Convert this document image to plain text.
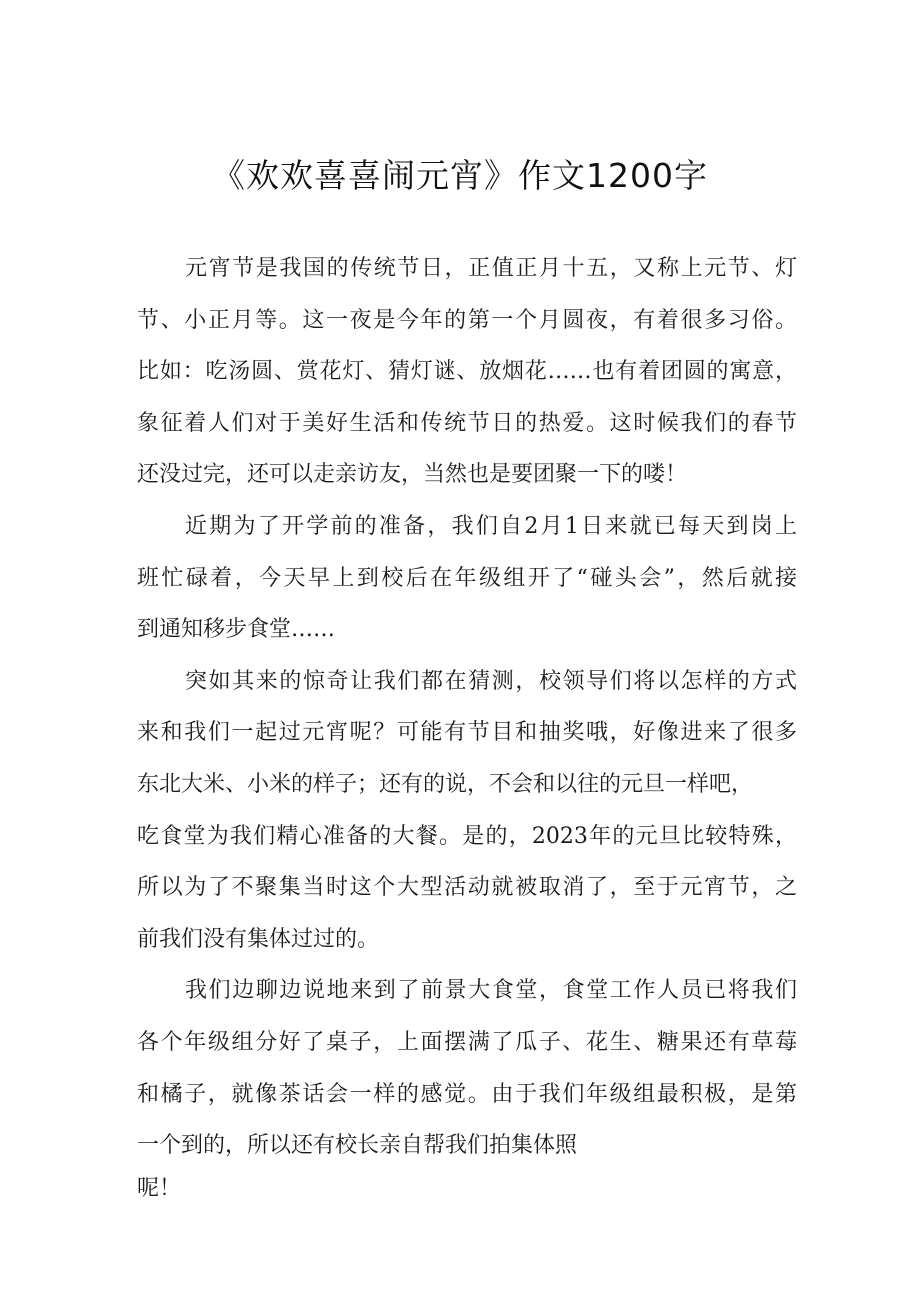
《欢欢喜喜闹元宵》作文1200字
元宵节是我国的传统节日，正值正月十五，又称上元节、灯
节、小正月等。这一夜是今年的第一个月圆夜，有着很多习俗。
比如：吃汤圆、赏花灯、猜灯谜、放烟花……也有着团圆的寓意，
象征着人们对于美好生活和传统节日的热爱。这时候我们的春节
还没过完，还可以走亲访友，当然也是要团聚一下的喽！
近期为了开学前的准备，我们自2月1日来就已每天到岗上
班忙碌着，今天早上到校后在年级组开了“碰头会”，然后就接
到通知移步食堂……
突如其来的惊奇让我们都在猜测，校领导们将以怎样的方式
来和我们一起过元宵呢？可能有节目和抽奖哦，好像进来了很多
东北大米、小米的样子；还有的说，不会和以往的元旦一样吧，
吃食堂为我们精心准备的大餐。是的，2023年的元旦比较特殊，
所以为了不聚集当时这个大型活动就被取消了，至于元宵节，之
前我们没有集体过过的。
我们边聊边说地来到了前景大食堂，食堂工作人员已将我们
各个年级组分好了桌子，上面摆满了瓜子、花生、糖果还有草莓
和橘子，就像茶话会一样的感觉。由于我们年级组最积极，是第
一个到的，所以还有校长亲自帮我们拍集体照
呢！
